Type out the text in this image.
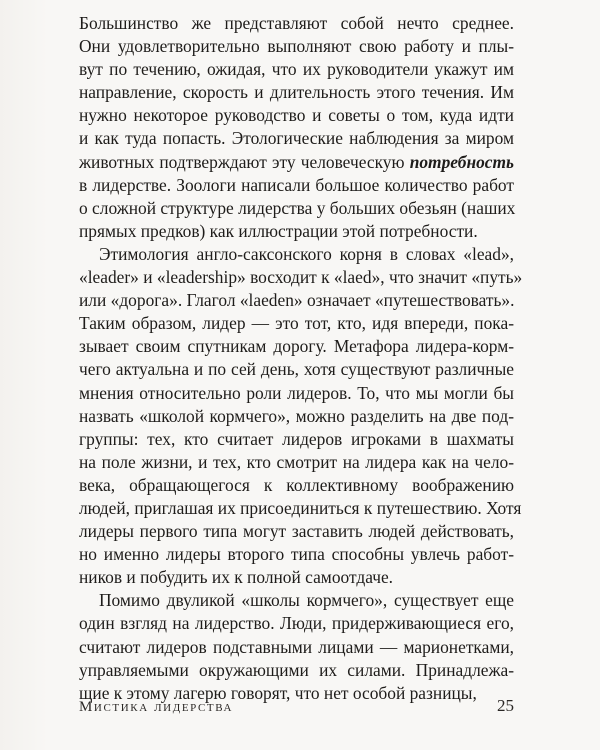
Большинство же представляют собой нечто среднее.
Они удовлетворительно выполняют свою работу и плы-
вут по течению, ожидая, что их руководители укажут им
направление, скорость и длительность этого течения. Им
нужно некоторое руководство и советы о том, куда идти
и как туда попасть. Этологические наблюдения за миром
животных подтверждают эту человеческую потребность
в лидерстве. Зоологи написали большое количество работ
о сложной структуре лидерства у больших обезьян (наших
прямых предков) как иллюстрации этой потребности.

Этимология англо-саксонского корня в словах «lead»,
«leader» и «leadership» восходит к «laed», что значит «путь»
или «дорога». Глагол «laeden» означает «путешествовать».
Таким образом, лидер — это тот, кто, идя впереди, пока-
зывает своим спутникам дорогу. Метафора лидера-корм-
чего актуальна и по сей день, хотя существуют различные
мнения относительно роли лидеров. То, что мы могли бы
назвать «школой кормчего», можно разделить на две под-
группы: тех, кто считает лидеров игроками в шахматы
на поле жизни, и тех, кто смотрит на лидера как на чело-
века, обращающегося к коллективному воображению
людей, приглашая их присоединиться к путешествию. Хотя
лидеры первого типа могут заставить людей действовать,
но именно лидеры второго типа способны увлечь работ-
ников и побудить их к полной самоотдаче.

Помимо двуликой «школы кормчего», существует еще
один взгляд на лидерство. Люди, придерживающиеся его,
считают лидеров подставными лицами — марионетками,
управляемыми окружающими их силами. Принадлежа-
щие к этому лагерю говорят, что нет особой разницы,

Мистика лидерства	25
